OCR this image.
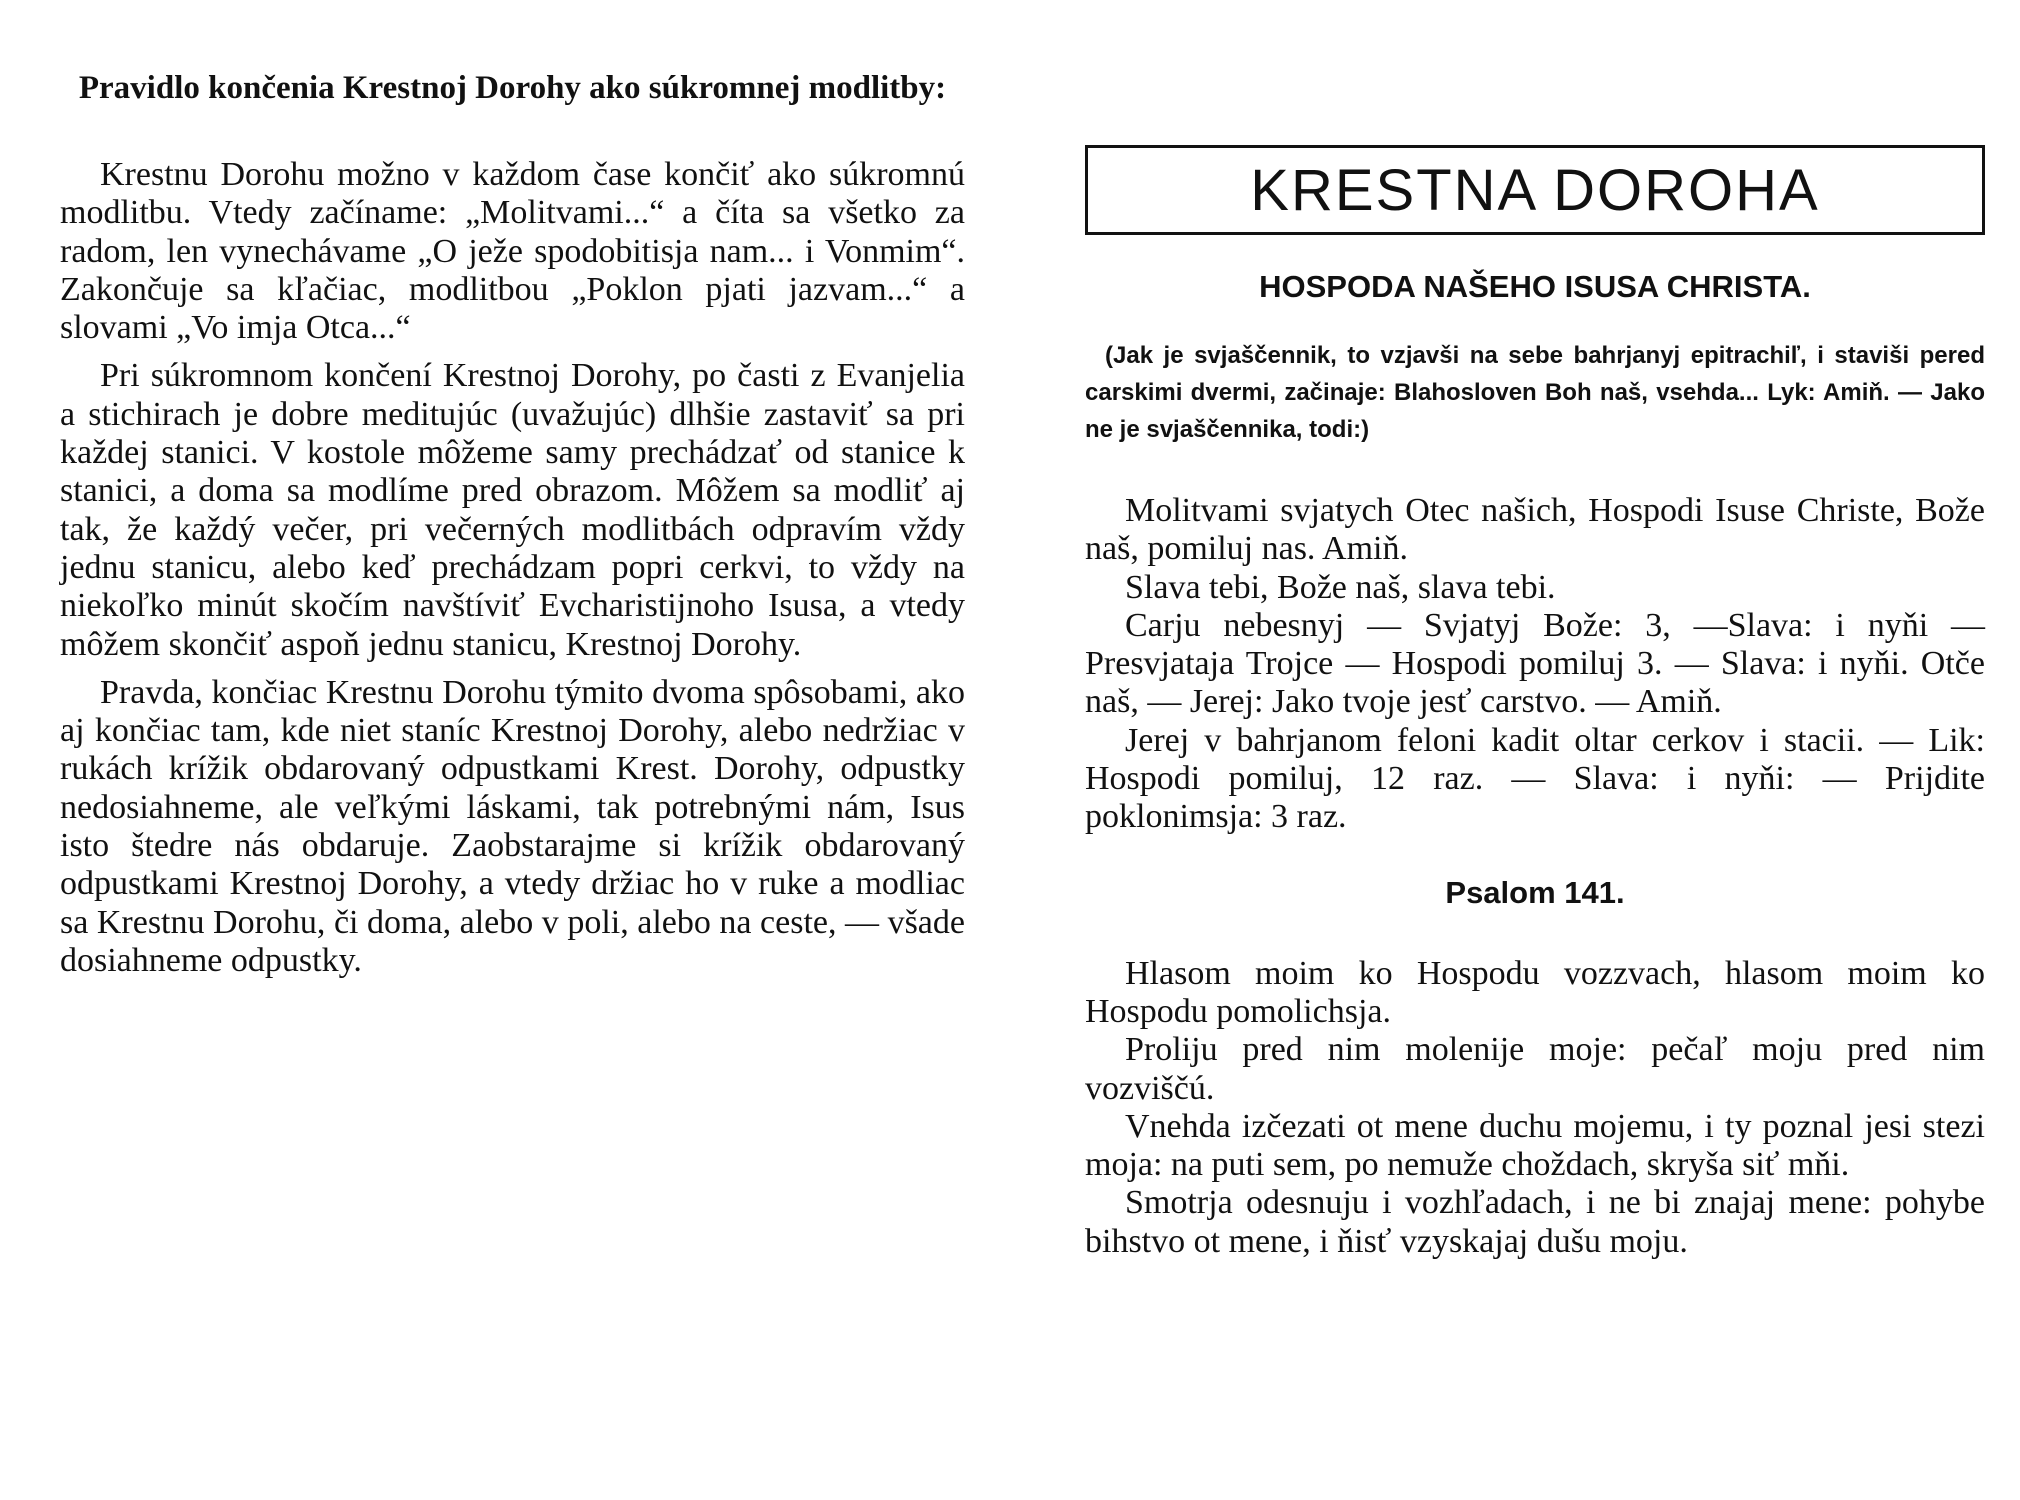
Pravidlo končenia Krestnoj Dorohy ako súkromnej modlitby:

Krestnu Dorohu možno v každom čase končiť ako súkromnú modlitbu. Vtedy začíname: „Molitvami...“ a číta sa všetko za radom, len vynechávame „O ježe spodobitisja nam... i Vonmim“. Zakončuje sa kľačiac, modlitbou „Poklon pjati jazvam...“ a slovami „Vo imja Otca...“

Pri súkromnom končení Krestnoj Dorohy, po časti z Evanjelia a stichirach je dobre meditujúc (uvažujúc) dlhšie zastaviť sa pri každej stanici. V kostole môžeme samy prechádzať od stanice k stanici, a doma sa modlíme pred obrazom. Môžem sa modliť aj tak, že každý večer, pri večerných modlitbách odpravím vždy jednu stanicu, alebo keď prechádzam popri cerkvi, to vždy na niekoľko minút skočím navštíviť Evcharistijnoho Isusa, a vtedy môžem skončiť aspoň jednu stanicu, Krestnoj Dorohy.

Pravda, končiac Krestnu Dorohu týmito dvoma spôsobami, ako aj končiac tam, kde niet staníc Krestnoj Dorohy, alebo nedržiac v rukách krížik obdarovaný odpustkami Krest. Dorohy, odpustky nedosiahneme, ale veľkými láskami, tak potrebnými nám, Isus isto štedre nás obdaruje. Zaobstarajme si krížik obdarovaný odpustkami Krestnoj Dorohy, a vtedy držiac ho v ruke a modliac sa Krestnu Dorohu, či doma, alebo v poli, alebo na ceste, — všade dosiahneme odpustky.

KRESTNA DOROHA
HOSPODA NAŠEHO ISUSA CHRISTA.
(Jak je svjaščennik, to vzjavši na sebe bahrjanyj epitrachiľ, i staviši pered carskimi dvermi, začinaje: Blahosloven Boh naš, vsehda... Lyk: Amiň. — Jako ne je svjaščennika, todi:)

Molitvami svjatych Otec našich, Hospodi Isuse Christe, Bože naš, pomiluj nas. Amiň.

Slava tebi, Bože naš, slava tebi.

Carju nebesnyj — Svjatyj Bože: 3, —Slava: i nyňi — Presvjataja Trojce — Hospodi pomiluj 3. — Slava: i nyňi. Otče naš, — Jerej: Jako tvoje jesť carstvo. — Amiň.

Jerej v bahrjanom feloni kadit oltar cerkov i stacii. — Lik: Hospodi pomiluj, 12 raz. — Slava: i nyňi: — Prijdite poklonimsja: 3 raz.

Psalom 141.

Hlasom moim ko Hospodu vozzvach, hlasom moim ko Hospodu pomolichsja.

Proliju pred nim molenije moje: pečaľ moju pred nim vozviščú.

Vnehda izčezati ot mene duchu mojemu, i ty poznal jesi stezi moja: na puti sem, po nemuže choždach, skryša siť mňi.

Smotrja odesnuju i vozhľadach, i ne bi znajaj mene: pohybe bihstvo ot mene, i ňisť vzyskajaj dušu moju.
